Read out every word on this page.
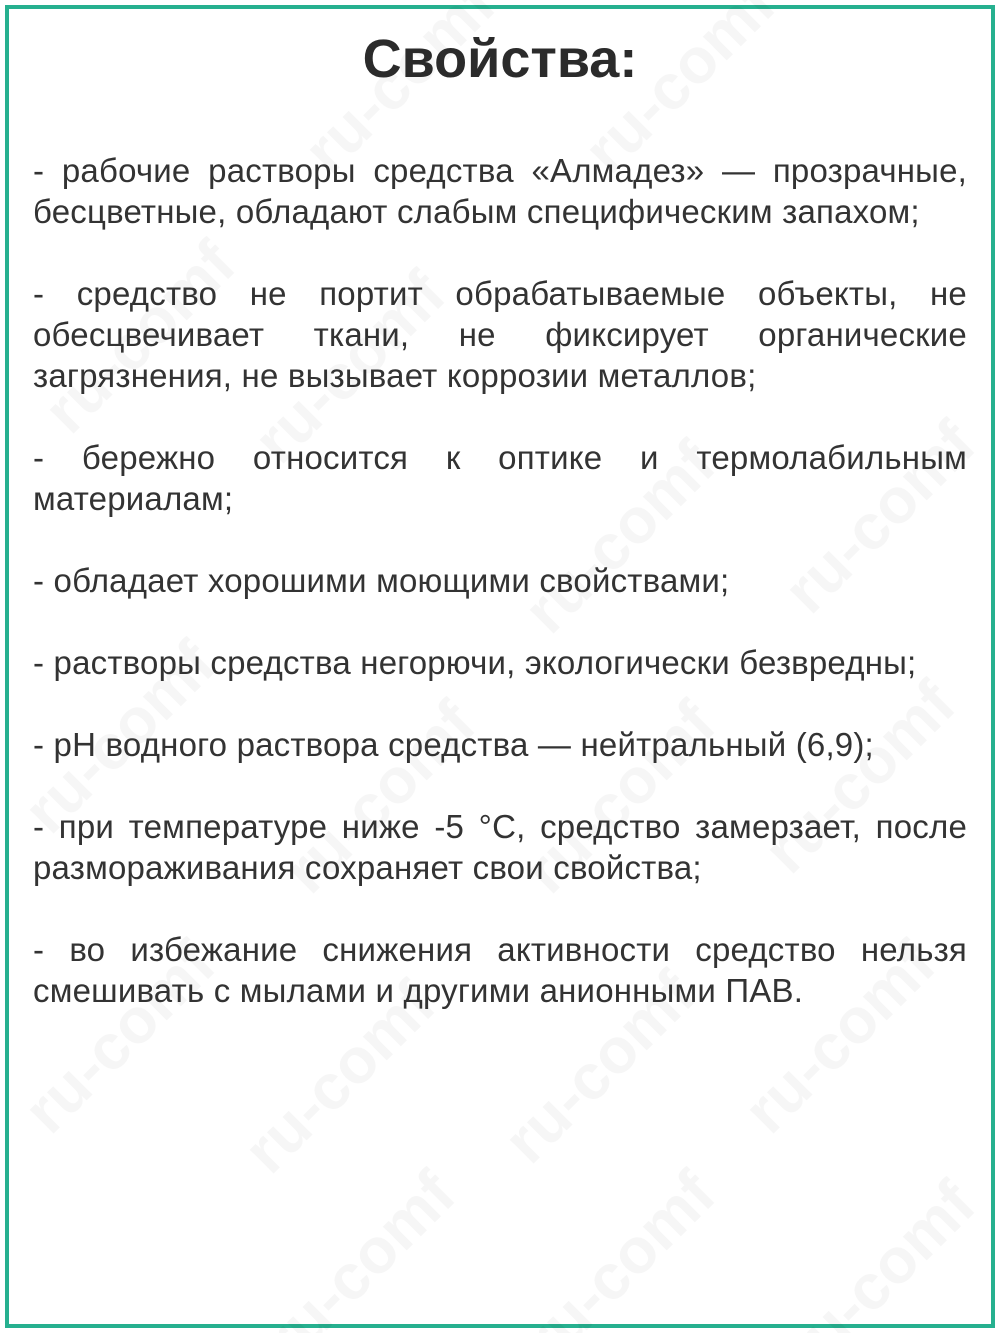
Свойства:

- рабочие растворы средства «Алмадез» — прозрачные, бесцветные, обладают слабым специфическим запахом;

- средство не портит обрабатываемые объекты, не обесцвечивает ткани, не фиксирует органические загрязнения, не вызывает коррозии металлов;

- бережно относится к оптике и термолабильным материалам;

- обладает хорошими моющими свойствами;

- растворы средства негорючи, экологически безвредны;

- pH водного раствора средства — нейтральный (6,9);

- при температуре ниже -5 °С, средство замерзает, после размораживания сохраняет свои свойства;

- во избежание снижения активности средство нельзя смешивать с мылами и другими анионными ПАВ.
